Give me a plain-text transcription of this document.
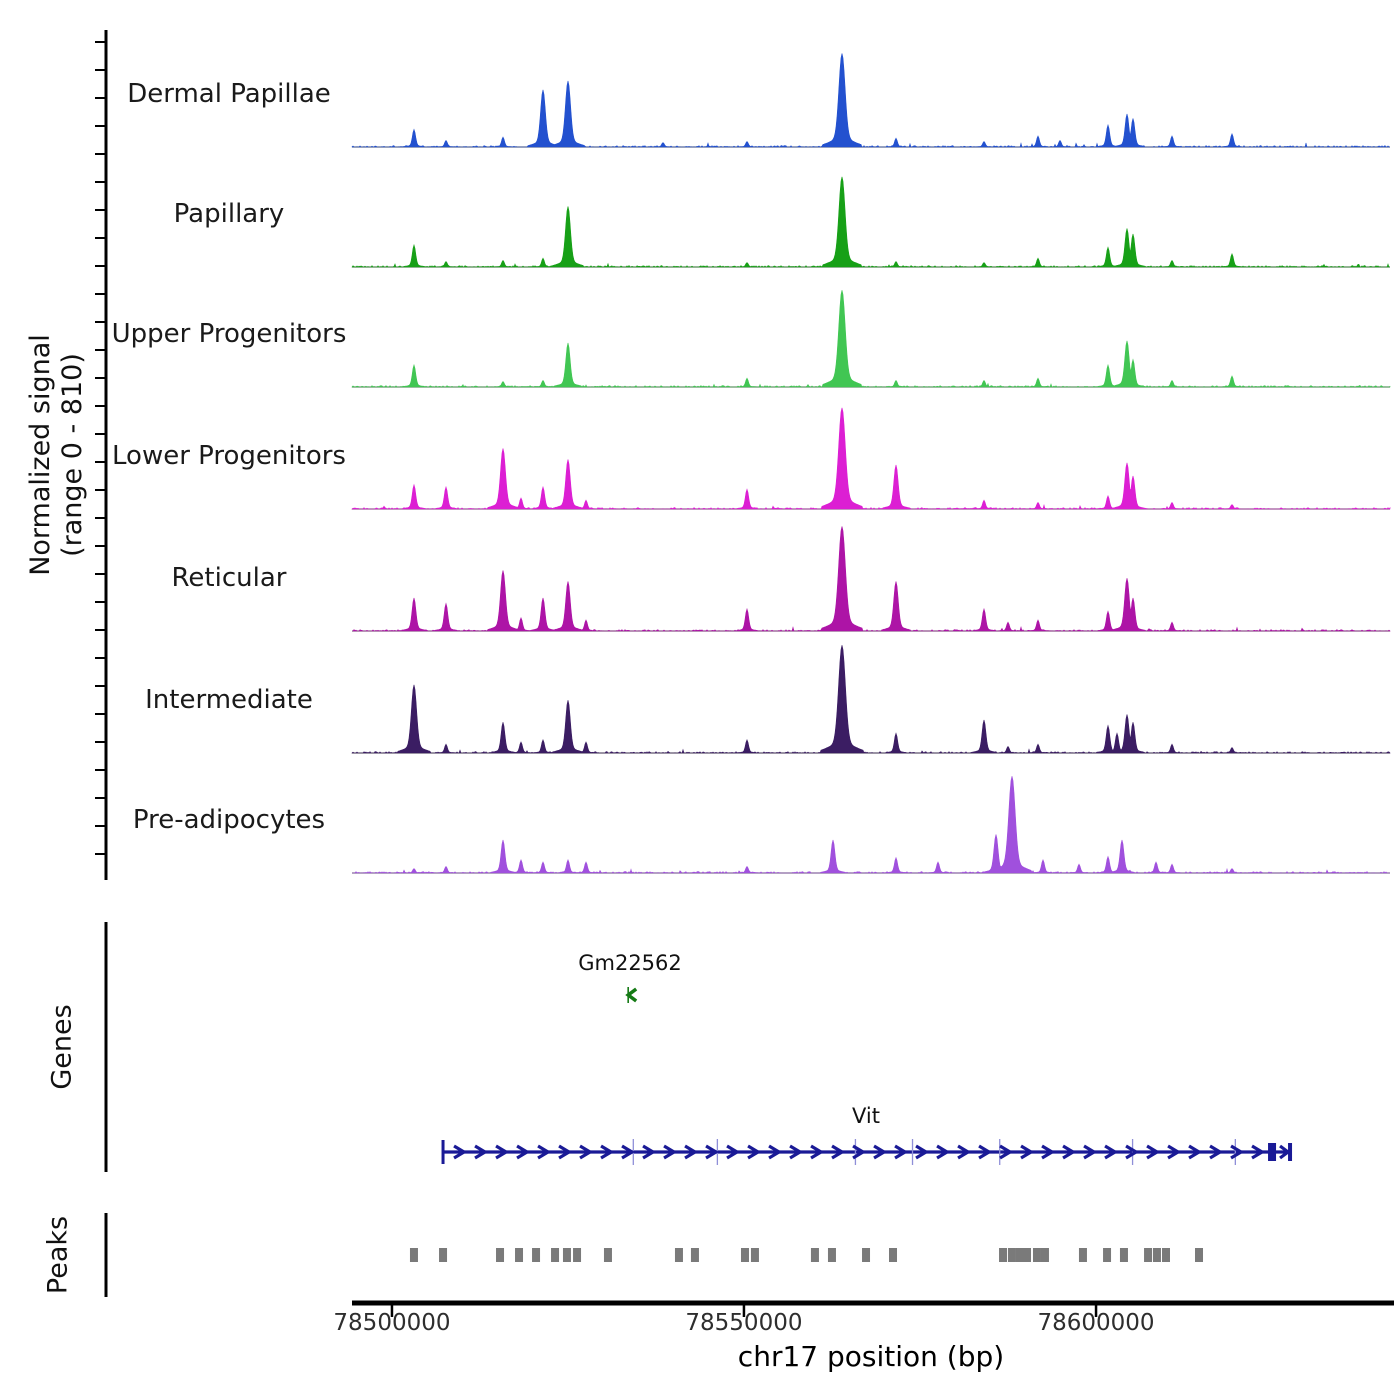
Normalized signal (range 0 - 810)
Dermal Papillae
Papillary
Upper Progenitors
Lower Progenitors
Reticular
Intermediate
Pre-adipocytes
Genes
Peaks
Gm22562
Vit
78500000	78550000	78600000
chr17 position (bp)
